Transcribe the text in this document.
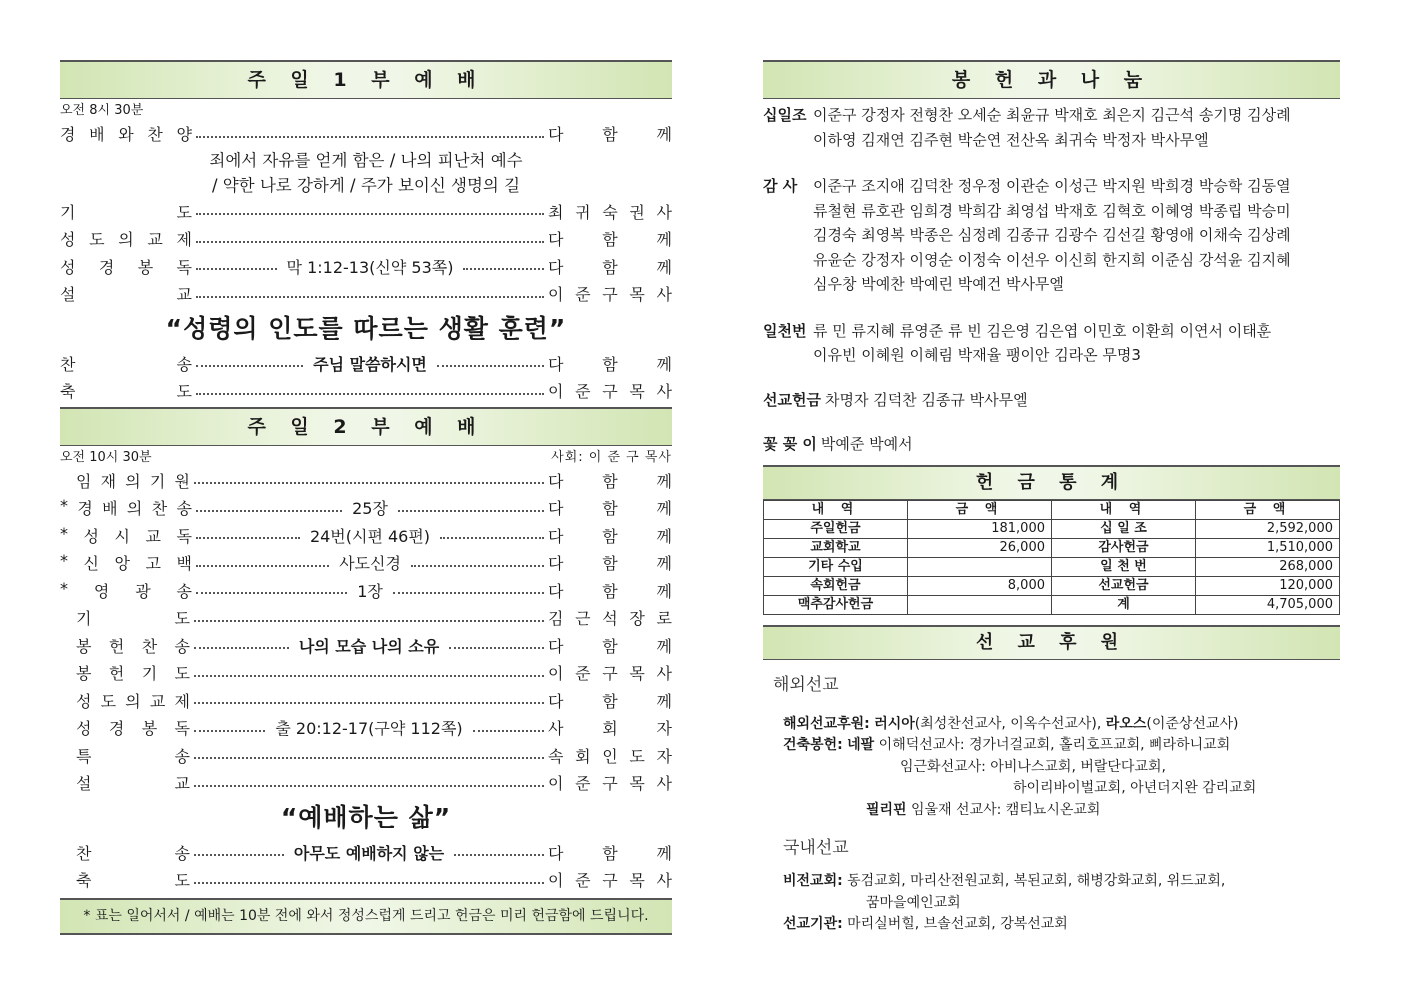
주 일 1 부 예 배
오전 8시 30분
경 배 와 찬 양	다 함 께
죄에서 자유를 얻게 함은 / 나의 피난처 예수
/ 약한 나로 강하게 / 주가 보이신 생명의 길
기	도	최 귀 숙 권 사
성 도 의 교 제	다 함 께
성 경 봉 독	막 1:12-13(신약 53쪽)	다 함 께
설	교	이 준 구 목 사
“성령의 인도를 따르는 생활 훈련”
찬	송	주님 말씀하시면	다 함 께
축	도	이 준 구 목 사
주 일 2 부 예 배
오전 10시 30분	사회: 이 준 구 목사
임 재 의 기 원	다 함 께
* 경 배 의 찬 송	25장	다 함 께
* 성 시 교 독	24번(시편 46편)	다 함 께
* 신 앙 고 백	사도신경	다 함 께
* 영 광 송	1장	다 함 께
기	도	김 근 석 장 로
봉 헌 찬 송	나의 모습 나의 소유	다 함 께
봉 헌 기 도	이 준 구 목 사
성 도 의 교 제	다 함 께
성 경 봉 독	출 20:12-17(구약 112쪽)	사 회 자
특	송	속 회 인 도 자
설	교	이 준 구 목 사
“예배하는 삶”
찬	송	아무도 예배하지 않는	다 함 께
축	도	이 준 구 목 사
* 표는 일어서서 / 예배는 10분 전에 와서 정성스럽게 드리고 헌금은 미리 헌금함에 드립니다.
봉 헌 과 나 눔
십일조 이준구 강정자 전형찬 오세순 최윤규 박재호 최은지 김근석 송기명 김상례
이하영 김재연 김주현 박순연 전산옥 최귀숙 박정자 박사무엘
감 사 이준구 조지애 김덕찬 정우정 이관순 이성근 박지원 박희경 박승학 김동열
류철현 류호관 임희경 박희감 최영섭 박재호 김혁호 이혜영 박종립 박승미
김경숙 최영복 박종은 심정례 김종규 김광수 김선길 황영애 이채숙 김상례
유윤순 강정자 이영순 이정숙 이선우 이신희 한지희 이준심 강석윤 김지혜
심우창 박예찬 박예린 박예건 박사무엘
일천번 류 민 류지혜 류영준 류 빈 김은영 김은엽 이민호 이환희 이연서 이태훈
이유빈 이혜원 이혜림 박재율 팽이안 김라온 무명3
선교헌금 차명자 김덕찬 김종규 박사무엘
꽃 꽂 이 박예준 박예서
헌 금 통 계
내 역	금 액	내 역	금 액
주일헌금	181,000	십 일 조	2,592,000
교회학교	26,000	감사헌금	1,510,000
기타 수입		일 천 번	268,000
속회헌금	8,000	선교헌금	120,000
맥추감사헌금		계	4,705,000
선 교 후 원
해외선교
해외선교후원: 러시아(최성찬선교사, 이옥수선교사), 라오스(이준상선교사)
건축봉헌: 네팔 이해덕선교사: 경가너걸교회, 홀리호프교회, 삐라하니교회
임근화선교사: 아비나스교회, 버랄단다교회,
하이리바이벌교회, 아년더지완 감리교회
필리핀 임울재 선교사: 캠티뇨시온교회
국내선교
비전교회: 동검교회, 마리산전원교회, 복된교회, 해병강화교회, 위드교회,
꿈마을예인교회
선교기관: 마리실버힐, 브솔선교회, 강복선교회
